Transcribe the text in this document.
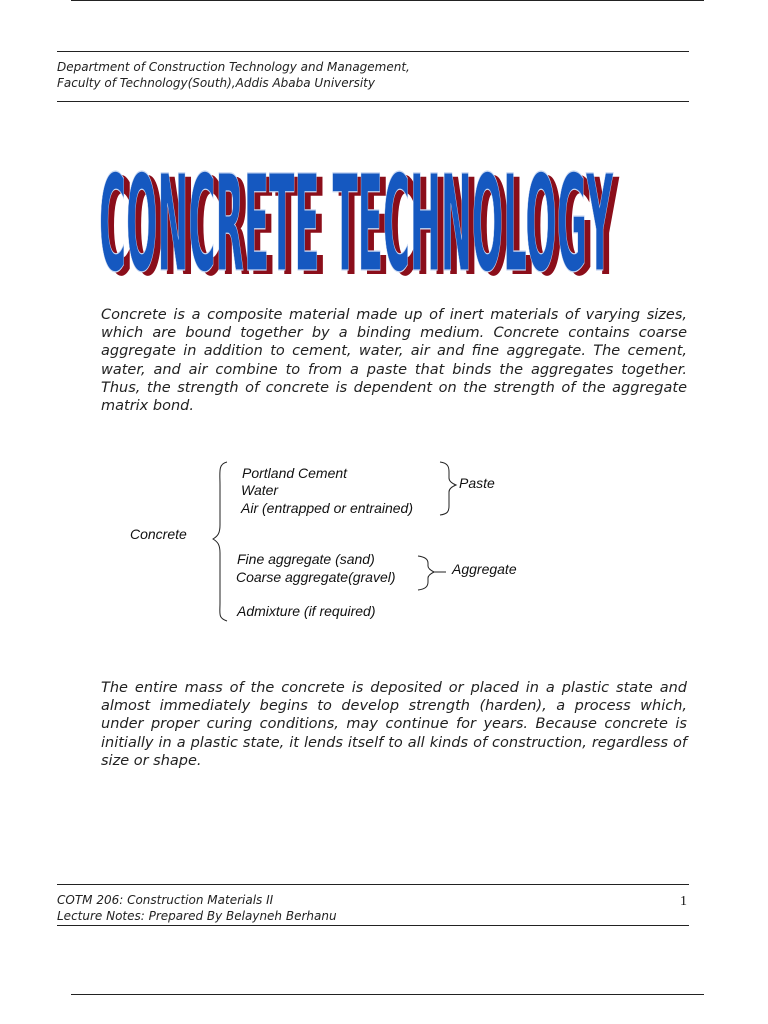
Department of Construction Technology and Management,
Faculty of Technology(South),Addis Ababa University
CONCRETE TECHNOLOGY
CONCRETE TECHNOLOGY
Concrete is a composite material made up of inert materials of varying sizes, which are bound together by a binding medium. Concrete contains coarse aggregate in addition to cement, water, air and fine aggregate. The cement, water, and air combine to from a paste that binds the aggregates together. Thus, the strength of concrete is dependent on the strength of the aggregate matrix bond.
Concrete
Portland Cement
Water
Air (entrapped or entrained)
Paste
Fine aggregate (sand)
Coarse aggregate(gravel)	Aggregate
Admixture (if required)
The entire mass of the concrete is deposited or placed in a plastic state and almost immediately begins to develop strength (harden), a process which, under proper curing conditions, may continue for years. Because concrete is initially in a plastic state, it lends itself to all kinds of construction, regardless of size or shape.
COTM 206: Construction Materials II
Lecture Notes: Prepared By Belayneh Berhanu
1
